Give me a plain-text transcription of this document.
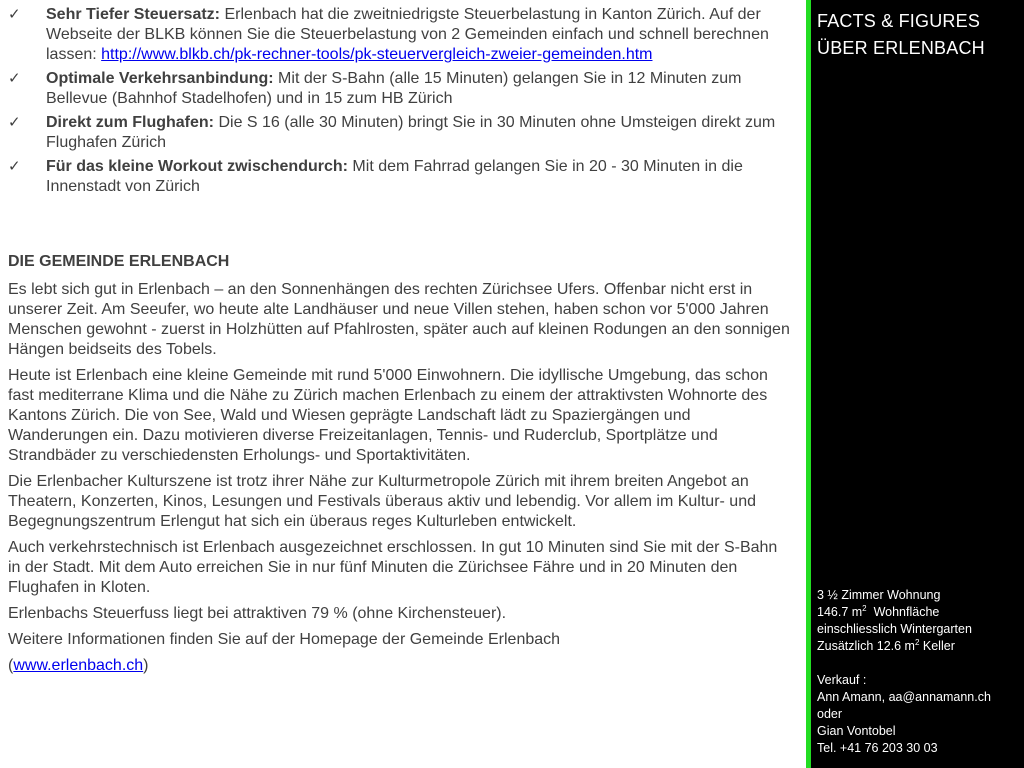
✓ Sehr Tiefer Steuersatz: Erlenbach hat die zweitniedrigste Steuerbelastung in Kanton Zürich. Auf der Webseite der BLKB können Sie die Steuerbelastung von 2 Gemeinden einfach und schnell berechnen lassen: http://www.blkb.ch/pk-rechner-tools/pk-steuervergleich-zweier-gemeinden.htm
✓ Optimale Verkehrsanbindung: Mit der S-Bahn (alle 15 Minuten) gelangen Sie in 12 Minuten zum Bellevue (Bahnhof Stadelhofen) und in 15 zum HB Zürich
✓ Direkt zum Flughafen: Die S 16 (alle 30 Minuten) bringt Sie in 30 Minuten ohne Umsteigen direkt zum Flughafen Zürich
✓ Für das kleine Workout zwischendurch: Mit dem Fahrrad gelangen Sie in 20 - 30 Minuten in die Innenstadt von Zürich
DIE GEMEINDE ERLENBACH

Es lebt sich gut in Erlenbach – an den Sonnenhängen des rechten Zürichsee Ufers. Offenbar nicht erst in unserer Zeit. Am Seeufer, wo heute alte Landhäuser und neue Villen stehen, haben schon vor 5'000 Jahren Menschen gewohnt - zuerst in Holzhütten auf Pfahlrosten, später auch auf kleinen Rodungen an den sonnigen Hängen beidseits des Tobels.

Heute ist Erlenbach eine kleine Gemeinde mit rund 5'000 Einwohnern. Die idyllische Umgebung, das schon fast mediterrane Klima und die Nähe zu Zürich machen Erlenbach zu einem der attraktivsten Wohnorte des Kantons Zürich. Die von See, Wald und Wiesen geprägte Landschaft lädt zu Spaziergängen und Wanderungen ein. Dazu motivieren diverse Freizeitanlagen, Tennis- und Ruderclub, Sportplätze und Strandbäder zu verschiedensten Erholungs- und Sportaktivitäten.

Die Erlenbacher Kulturszene ist trotz ihrer Nähe zur Kulturmetropole Zürich mit ihrem breiten Angebot an Theatern, Konzerten, Kinos, Lesungen und Festivals überaus aktiv und lebendig. Vor allem im Kultur- und Begegnungszentrum Erlengut hat sich ein überaus reges Kulturleben entwickelt.

Auch verkehrstechnisch ist Erlenbach ausgezeichnet erschlossen. In gut 10 Minuten sind Sie mit der S-Bahn in der Stadt. Mit dem Auto erreichen Sie in nur fünf Minuten die Zürichsee Fähre und in 20 Minuten den Flughafen in Kloten.

Erlenbachs Steuerfuss liegt bei attraktiven 79 % (ohne Kirchensteuer).

Weitere Informationen finden Sie auf der Homepage der Gemeinde Erlenbach

(www.erlenbach.ch)

FACTS & FIGURES
ÜBER ERLENBACH
3 ½ Zimmer Wohnung
146.7 $m^2$  Wohnfläche
einschliesslich Wintergarten
Zusätzlich 12.6 $m^2$ Keller
Verkauf :
Ann Amann, aa@annamann.ch
oder
Gian Vontobel
Tel. +41 76 203 30 03
